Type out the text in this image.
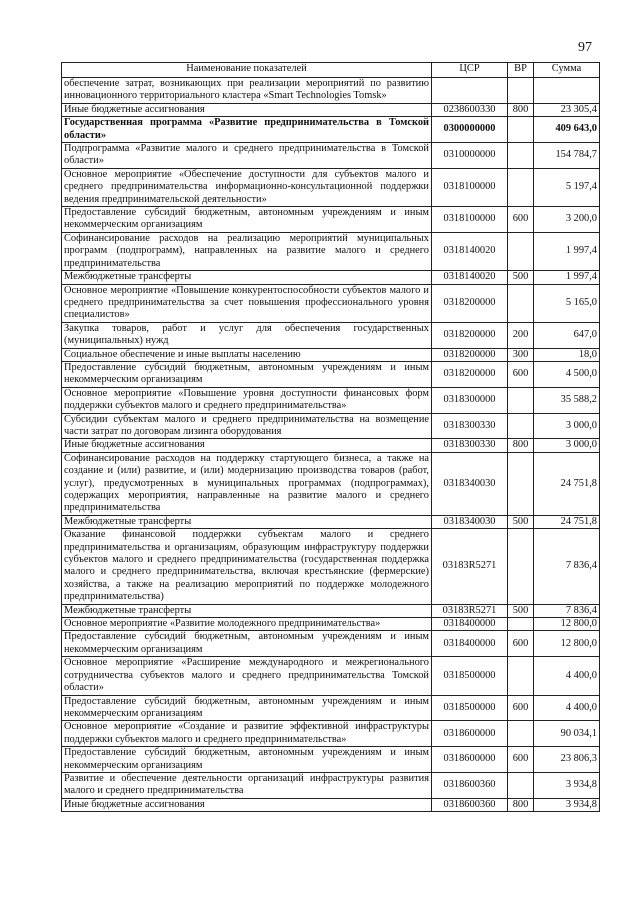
97
Наименование показателей	ЦСР	ВР	Сумма
обеспечение затрат, возникающих при реализации мероприятий по развитию инновационного территориального кластера «Smart Technologies Tomsk»			
Иные бюджетные ассигнования	0238600330	800	23 305,4
Государственная программа «Развитие предпринимательства в Томской области»	0300000000		409 643,0
Подпрограмма «Развитие малого и среднего предпринимательства в Томской области»	0310000000		154 784,7
Основное мероприятие «Обеспечение доступности для субъектов малого и среднего предпринимательства информационно-консультационной поддержки ведения предпринимательской деятельности»	0318100000		5 197,4
Предоставление субсидий бюджетным, автономным учреждениям и иным некоммерческим организациям	0318100000	600	3 200,0
Софинансирование расходов на реализацию мероприятий муниципальных программ (подпрограмм), направленных на развитие малого и среднего предпринимательства	0318140020		1 997,4
Межбюджетные трансферты	0318140020	500	1 997,4
Основное мероприятие «Повышение конкурентоспособности субъектов малого и среднего предпринимательства за счет повышения профессионального уровня специалистов»	0318200000		5 165,0
Закупка товаров, работ и услуг для обеспечения государственных (муниципальных) нужд	0318200000	200	647,0
Социальное обеспечение и иные выплаты населению	0318200000	300	18,0
Предоставление субсидий бюджетным, автономным учреждениям и иным некоммерческим организациям	0318200000	600	4 500,0
Основное мероприятие «Повышение уровня доступности финансовых форм поддержки субъектов малого и среднего предпринимательства»	0318300000		35 588,2
Субсидии субъектам малого и среднего предпринимательства на возмещение части затрат по договорам лизинга оборудования	0318300330		3 000,0
Иные бюджетные ассигнования	0318300330	800	3 000,0
Софинансирование расходов на поддержку стартующего бизнеса, а также на создание и (или) развитие, и (или) модернизацию производства товаров (работ, услуг), предусмотренных в муниципальных программах (подпрограммах), содержащих мероприятия, направленные на развитие малого и среднего предпринимательства	0318340030		24 751,8
Межбюджетные трансферты	0318340030	500	24 751,8
Оказание финансовой поддержки субъектам малого и среднего предпринимательства и организациям, образующим инфраструктуру поддержки субъектов малого и среднего предпринимательства (государственная поддержка малого и среднего предпринимательства, включая крестьянские (фермерские) хозяйства, а также на реализацию мероприятий по поддержке молодежного предпринимательства)	03183R5271		7 836,4
Межбюджетные трансферты	03183R5271	500	7 836,4
Основное мероприятие «Развитие молодежного предпринимательства»	0318400000		12 800,0
Предоставление субсидий бюджетным, автономным учреждениям и иным некоммерческим организациям	0318400000	600	12 800,0
Основное мероприятие «Расширение международного и межрегионального сотрудничества субъектов малого и среднего предпринимательства Томской области»	0318500000		4 400,0
Предоставление субсидий бюджетным, автономным учреждениям и иным некоммерческим организациям	0318500000	600	4 400,0
Основное мероприятие «Создание и развитие эффективной инфраструктуры поддержки субъектов малого и среднего предпринимательства»	0318600000		90 034,1
Предоставление субсидий бюджетным, автономным учреждениям и иным некоммерческим организациям	0318600000	600	23 806,3
Развитие и обеспечение деятельности организаций инфраструктуры развития малого и среднего предпринимательства	0318600360		3 934,8
Иные бюджетные ассигнования	0318600360	800	3 934,8
